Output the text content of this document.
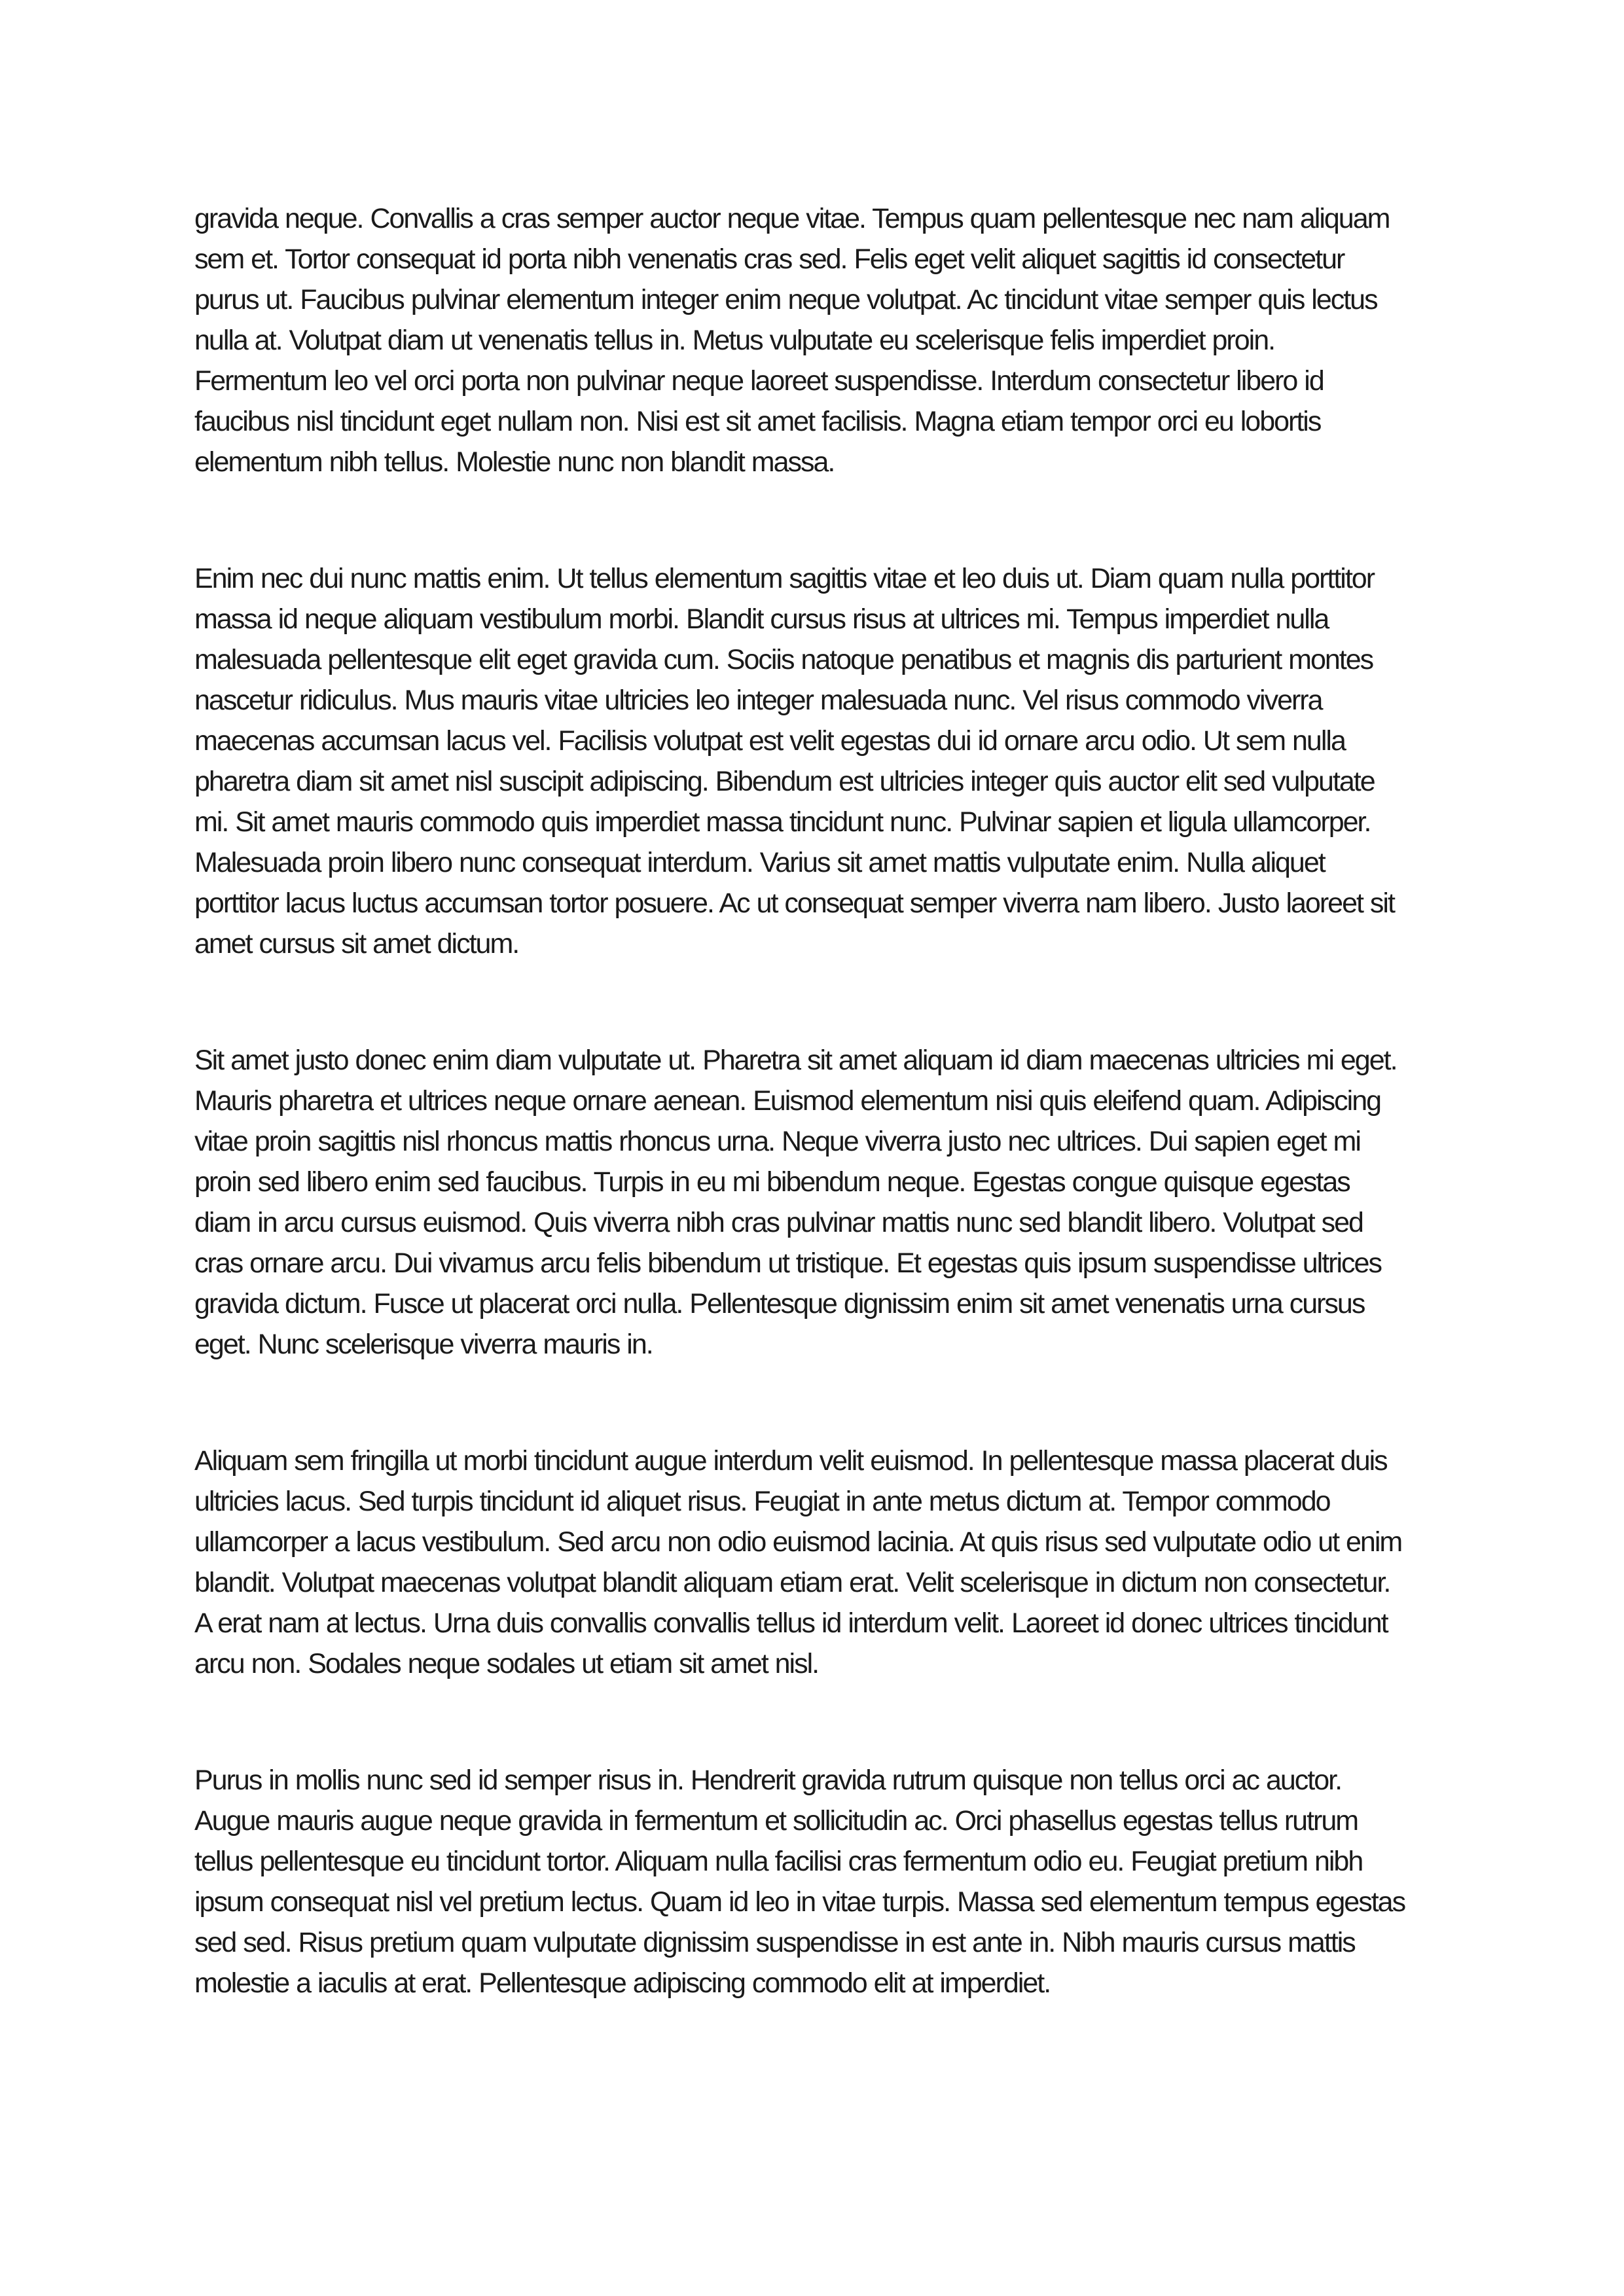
gravida neque. Convallis a cras semper auctor neque vitae. Tempus quam pellentesque nec nam aliquam sem et. Tortor consequat id porta nibh venenatis cras sed. Felis eget velit aliquet sagittis id consectetur purus ut. Faucibus pulvinar elementum integer enim neque volutpat. Ac tincidunt vitae semper quis lectus nulla at. Volutpat diam ut venenatis tellus in. Metus vulputate eu scelerisque felis imperdiet proin. Fermentum leo vel orci porta non pulvinar neque laoreet suspendisse. Interdum consectetur libero id faucibus nisl tincidunt eget nullam non. Nisi est sit amet facilisis. Magna etiam tempor orci eu lobortis elementum nibh tellus. Molestie nunc non blandit massa.

Enim nec dui nunc mattis enim. Ut tellus elementum sagittis vitae et leo duis ut. Diam quam nulla porttitor massa id neque aliquam vestibulum morbi. Blandit cursus risus at ultrices mi. Tempus imperdiet nulla malesuada pellentesque elit eget gravida cum. Sociis natoque penatibus et magnis dis parturient montes nascetur ridiculus. Mus mauris vitae ultricies leo integer malesuada nunc. Vel risus commodo viverra maecenas accumsan lacus vel. Facilisis volutpat est velit egestas dui id ornare arcu odio. Ut sem nulla pharetra diam sit amet nisl suscipit adipiscing. Bibendum est ultricies integer quis auctor elit sed vulputate mi. Sit amet mauris commodo quis imperdiet massa tincidunt nunc. Pulvinar sapien et ligula ullamcorper. Malesuada proin libero nunc consequat interdum. Varius sit amet mattis vulputate enim. Nulla aliquet porttitor lacus luctus accumsan tortor posuere. Ac ut consequat semper viverra nam libero. Justo laoreet sit amet cursus sit amet dictum.

Sit amet justo donec enim diam vulputate ut. Pharetra sit amet aliquam id diam maecenas ultricies mi eget. Mauris pharetra et ultrices neque ornare aenean. Euismod elementum nisi quis eleifend quam. Adipiscing vitae proin sagittis nisl rhoncus mattis rhoncus urna. Neque viverra justo nec ultrices. Dui sapien eget mi proin sed libero enim sed faucibus. Turpis in eu mi bibendum neque. Egestas congue quisque egestas diam in arcu cursus euismod. Quis viverra nibh cras pulvinar mattis nunc sed blandit libero. Volutpat sed cras ornare arcu. Dui vivamus arcu felis bibendum ut tristique. Et egestas quis ipsum suspendisse ultrices gravida dictum. Fusce ut placerat orci nulla. Pellentesque dignissim enim sit amet venenatis urna cursus eget. Nunc scelerisque viverra mauris in.

Aliquam sem fringilla ut morbi tincidunt augue interdum velit euismod. In pellentesque massa placerat duis ultricies lacus. Sed turpis tincidunt id aliquet risus. Feugiat in ante metus dictum at. Tempor commodo ullamcorper a lacus vestibulum. Sed arcu non odio euismod lacinia. At quis risus sed vulputate odio ut enim blandit. Volutpat maecenas volutpat blandit aliquam etiam erat. Velit scelerisque in dictum non consectetur. A erat nam at lectus. Urna duis convallis convallis tellus id interdum velit. Laoreet id donec ultrices tincidunt arcu non. Sodales neque sodales ut etiam sit amet nisl.

Purus in mollis nunc sed id semper risus in. Hendrerit gravida rutrum quisque non tellus orci ac auctor. Augue mauris augue neque gravida in fermentum et sollicitudin ac. Orci phasellus egestas tellus rutrum tellus pellentesque eu tincidunt tortor. Aliquam nulla facilisi cras fermentum odio eu. Feugiat pretium nibh ipsum consequat nisl vel pretium lectus. Quam id leo in vitae turpis. Massa sed elementum tempus egestas sed sed. Risus pretium quam vulputate dignissim suspendisse in est ante in. Nibh mauris cursus mattis molestie a iaculis at erat. Pellentesque adipiscing commodo elit at imperdiet.
